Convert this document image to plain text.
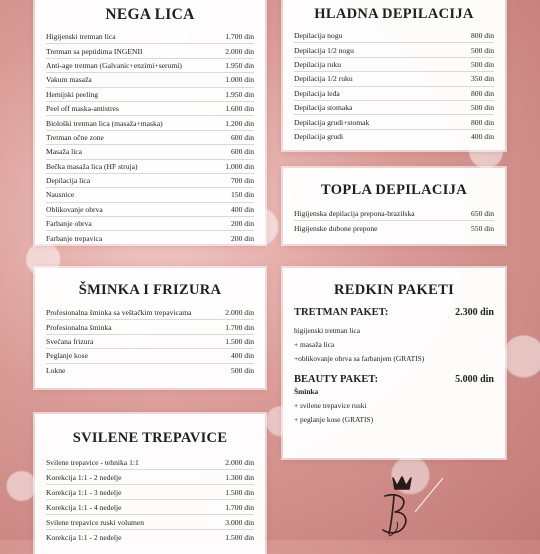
NEGA LICA
Higijenski tretman lica	1.700 din
Tretman sa peptidima INGENII	2.000 din
Anti-age tretman (Galvanic+enzimi+serumi)	1.950 din
Vakum masaža	1.000 din
Hemijski peeling	1.950 din
Peel off maska-antistres	1.600 din
Biološki tretman lica (masaža+maska)	1.200 din
Tretman očne zone	600 din
Masaža lica	600 din
Bečka masaža lica (HF struja)	1.000 din
Depilacija lica	700 din
Nausnice	150 din
Oblikovanje obrva	400 din
Farbanje obrva	200 din
Farbanje trepavica	200 din
HLADNA DEPILACIJA
Depilacija nogu	800 din
Depilacija 1/2 nogu	500 din
Depilacija ruku	500 din
Depilacija 1/2 ruku	350 din
Depilacija leđa	800 din
Depilacija stomaka	500 din
Depilacija grudi+stomak	800 din
Depilacija grudi	400 din
TOPLA DEPILACIJA
Higijenska depilacija prepona-brazilska	650 din
Higijenske dubone prepone	550 din
ŠMINKA I FRIZURA
Profesionalna šminka sa veštačkim trepavicama	2.000 din
Profesionalna šminka	1.700 din
Svečana frizura	1.500 din
Peglanje kose	400 din
Lokne	500 din
REDKIN PAKETI
TRETMAN PAKET:	2.300 din
higijenski tretman lica
+ masaža lica
+oblikovanje obrva sa farbanjem (GRATIS)
BEAUTY PAKET:	5.000 din
Šminka
+ svilene trepavice ruski
+ peglanje kose (GRATIS)
SVILENE TREPAVICE
Svilene trepavice - tehnika 1:1	2.000 din
Korekcija 1:1 - 2 nedelje	1.300 din
Korekcija 1:1 - 3 nedelje	1.500 din
Korekcija 1:1 - 4 nedelje	1.700 din
Svilene trepavice ruski volumen	3.000 din
Korekcija 1:1 - 2 nedelje	1.500 din
